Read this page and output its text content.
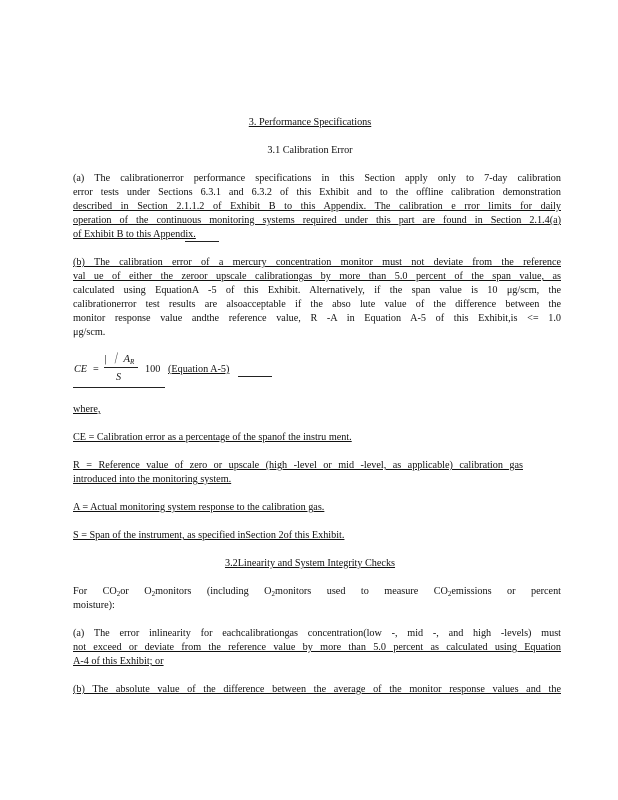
3. Performance Specifications
3.1 Calibration Error
(a) The calibrationerror performance specifications in this Section apply only to 7-day calibration
error tests under Sections 6.3.1 and 6.3.2 of this Exhibit and to the offline calibration demonstration
described in Section 2.1.1.2 of Exhibit B to this Appendix. The calibration e rror limits for daily
operation of the continuous monitoring systems required under this part are found in Section 2.1.4(a)
of Exhibit B to this Appendix.
(b) The calibration error of a mercury concentration monitor must not deviate from the reference
val ue of either the zeroor upscale calibrationgas by more than 5.0 percent of the span value, as
calculated using EquationA -5 of this Exhibit. Alternatively, if the span value is 10 μg/scm, the
calibrationerror test results are alsoacceptable if the abso lute value of the difference between the
monitor response value andthe reference value, R -A in Equation A-5 of this Exhibit,is <= 1.0
μg/scm.
CE =
| ｜ $A_R$
S
100 (Equation A-5)
where,
CE = Calibration error as a percentage of the spanof the instru ment.
R = Reference value of zero or upscale (high -level or mid -level, as applicable) calibration gas
introduced into the monitoring system.
A = Actual monitoring system response to the calibration gas.
S = Span of the instrument, as specified inSection 2of this Exhibit.
3.2Linearity and System Integrity Checks
For $CO_2or$ $O_2monitors$ (including $O_2monitors$ used to measure $CO_2emissions$ or percent
moisture):
(a) The error inlinearity for eachcalibrationgas concentration(low -, mid -, and high -levels) must
not exceed or deviate from the reference value by more than 5.0 percent as calculated using Equation
A-4 of this Exhibit; or
(b) The absolute value of the difference between the average of the monitor response values and the
